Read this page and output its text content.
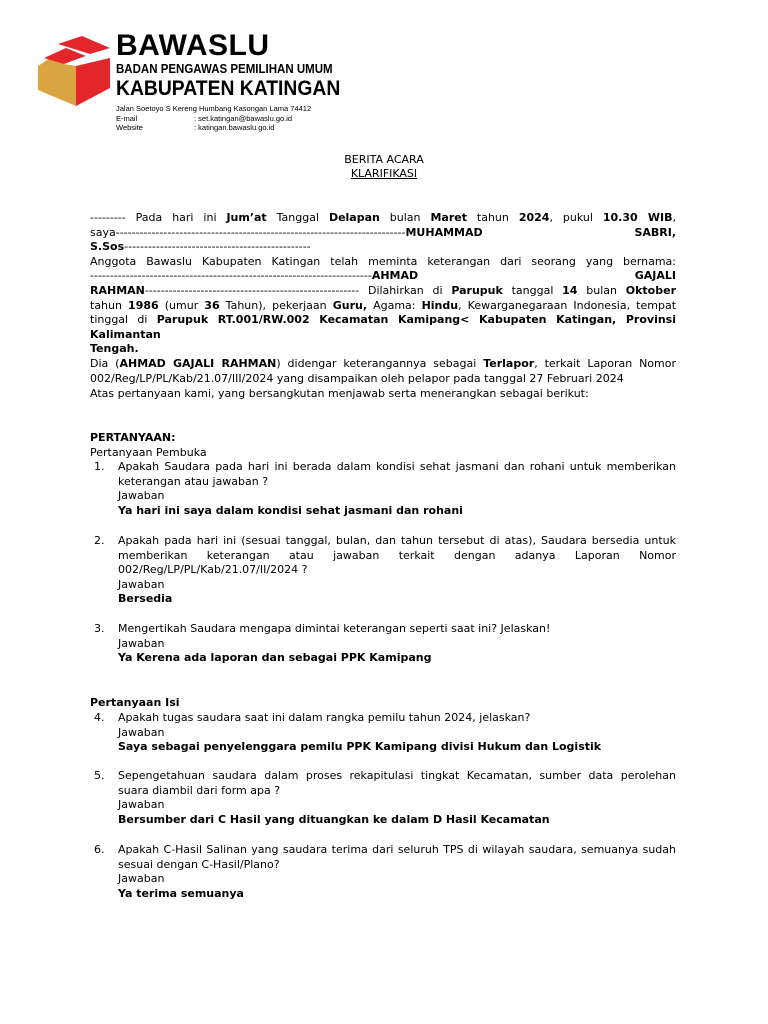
BAWASLU
BADAN PENGAWAS PEMILIHAN UMUM
KABUPATEN KATINGAN
Jalan Soetoyo S Kereng Humbang Kasongan Lama 74412
E-mail	: set.katingan@bawaslu.go.id
Website	: katingan.bawaslu.go.id
BERITA ACARA
KLARIFIKASI

--------- Pada hari ini Jum’at Tanggal Delapan bulan Maret tahun 2024, pukul 10.30 WIB,

saya-------------------------------------------------------------------------MUHAMMAD	SABRI,

S.Sos-----------------------------------------------

Anggota Bawaslu Kabupaten Katingan telah meminta keterangan dari seorang yang bernama:

-----------------------------------------------------------------------AHMAD	GAJALI

RAHMAN------------------------------------------------------ Dilahirkan di Parupuk tanggal 14 bulan Oktober

tahun 1986 (umur 36 Tahun), pekerjaan Guru, Agama: Hindu, Kewarganegaraan Indonesia, tempat

tinggal di Parupuk RT.001/RW.002 Kecamatan Kamipang< Kabupaten Katingan, Provinsi Kalimantan

Tengah.

Dia (AHMAD GAJALI RAHMAN) didengar keterangannya sebagai Terlapor, terkait Laporan Nomor

002/Reg/LP/PL/Kab/21.07/III/2024 yang disampaikan oleh pelapor pada tanggal 27 Februari 2024

Atas pertanyaan kami, yang bersangkutan menjawab serta menerangkan sebagai berikut:

PERTANYAAN:

Pertanyaan Pembuka

1. Apakah Saudara pada hari ini berada dalam kondisi sehat jasmani dan rohani untuk memberikan

keterangan atau jawaban ?

Jawaban

Ya hari ini saya dalam kondisi sehat jasmani dan rohani

2. Apakah pada hari ini (sesuai tanggal, bulan, dan tahun tersebut di atas), Saudara bersedia untuk

memberikan keterangan atau jawaban terkait dengan adanya Laporan Nomor

002/Reg/LP/PL/Kab/21.07/II/2024 ?

Jawaban

Bersedia

3. Mengertikah Saudara mengapa dimintai keterangan seperti saat ini? Jelaskan!

Jawaban

Ya Kerena ada laporan dan sebagai PPK Kamipang

Pertanyaan Isi

4. Apakah tugas saudara saat ini dalam rangka pemilu tahun 2024, jelaskan?

Jawaban

Saya sebagai penyelenggara pemilu PPK Kamipang divisi Hukum dan Logistik

5. Sepengetahuan saudara dalam proses rekapitulasi tingkat Kecamatan, sumber data perolehan

suara diambil dari form apa ?

Jawaban

Bersumber dari C Hasil yang dituangkan ke dalam D Hasil Kecamatan

6. Apakah C-Hasil Salinan yang saudara terima dari seluruh TPS di wilayah saudara, semuanya sudah

sesuai dengan C-Hasil/Plano?

Jawaban

Ya terima semuanya
